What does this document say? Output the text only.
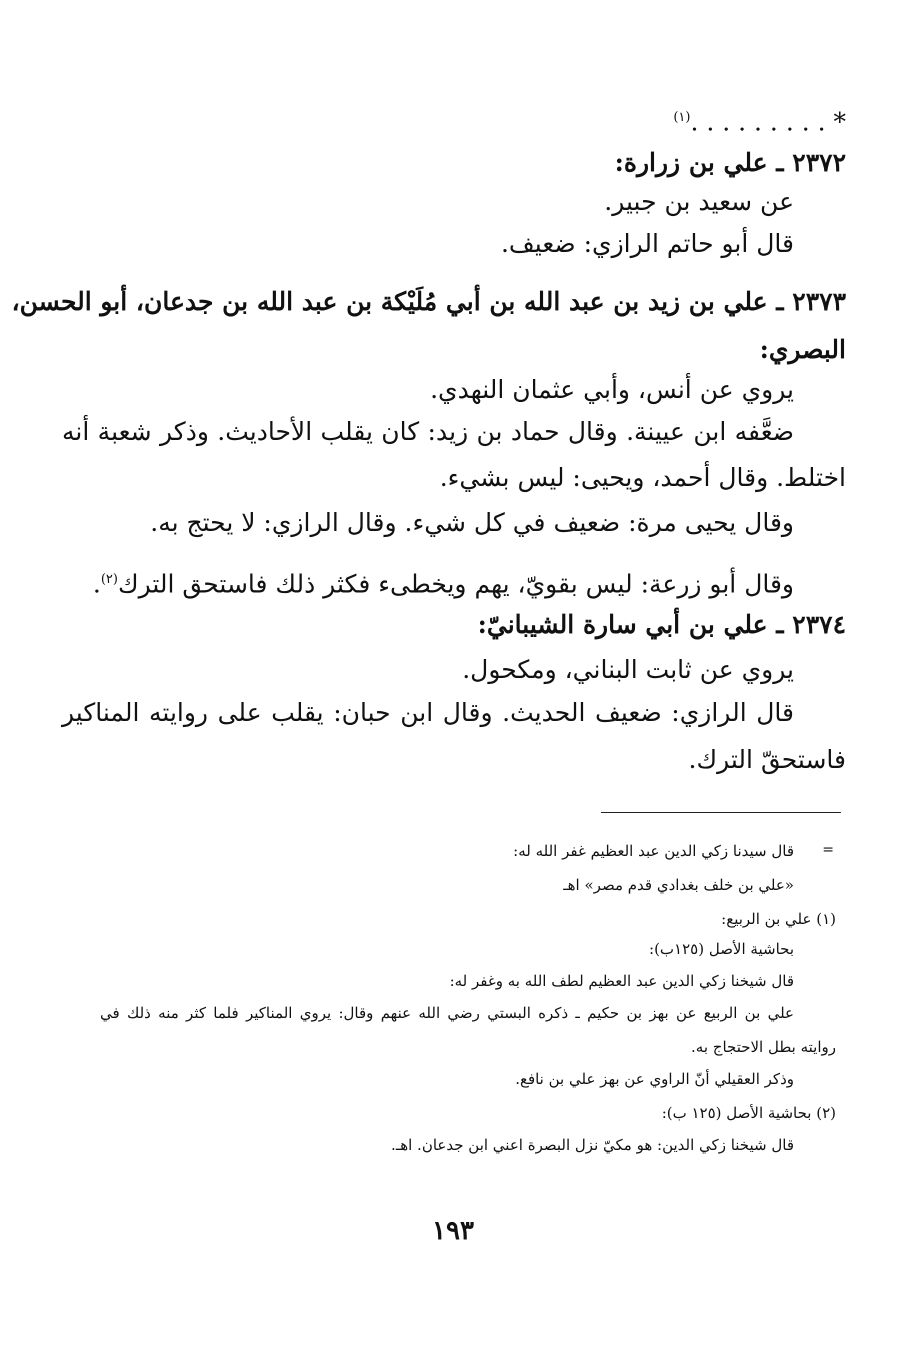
* . . . . . . . . .$^{(١)}$
٢٣٧٢ ـ علي بن زرارة:
عن سعيد بن جبير.
قال أبو حاتم الرازي: ضعيف.
٢٣٧٣ ـ علي بن زيد بن عبد الله بن أبي مُلَيْكة بن عبد الله بن جدعان، أبو الحسن،
البصري:
يروي عن أنس، وأبي عثمان النهدي.
ضعَّفه ابن عيينة. وقال حماد بن زيد: كان يقلب الأحاديث. وذكر شعبة أنه
اختلط. وقال أحمد، ويحيى: ليس بشيء.
وقال يحيى مرة: ضعيف في كل شيء. وقال الرازي: لا يحتج به.
وقال أبو زرعة: ليس بقويّ، يهم ويخطىء فكثر ذلك فاستحق الترك$^{(٢)}$.
٢٣٧٤ ـ علي بن أبي سارة الشيبانيّ:
يروي عن ثابت البناني، ومكحول.
قال الرازي: ضعيف الحديث. وقال ابن حبان: يقلب على روايته المناكير
فاستحقّ الترك.
=
قال سيدنا زكي الدين عبد العظيم غفر الله له:
«علي بن خلف بغدادي قدم مصر» اهـ
(١) علي بن الربيع:
بحاشية الأصل (١٢٥ب):
قال شيخنا زكي الدين عبد العظيم لطف الله به وغفر له:
علي بن الربيع عن بهز بن حكيم ـ ذكره البستي رضي الله عنهم وقال: يروي المناكير فلما كثر منه ذلك في
روايته بطل الاحتجاج به.
وذكر العقيلي أنّ الراوي عن بهز علي بن نافع.
(٢) بحاشية الأصل (١٢٥ ب):
قال شيخنا زكي الدين: هو مكيّ نزل البصرة اعني ابن جدعان. اهـ.
١٩٣
